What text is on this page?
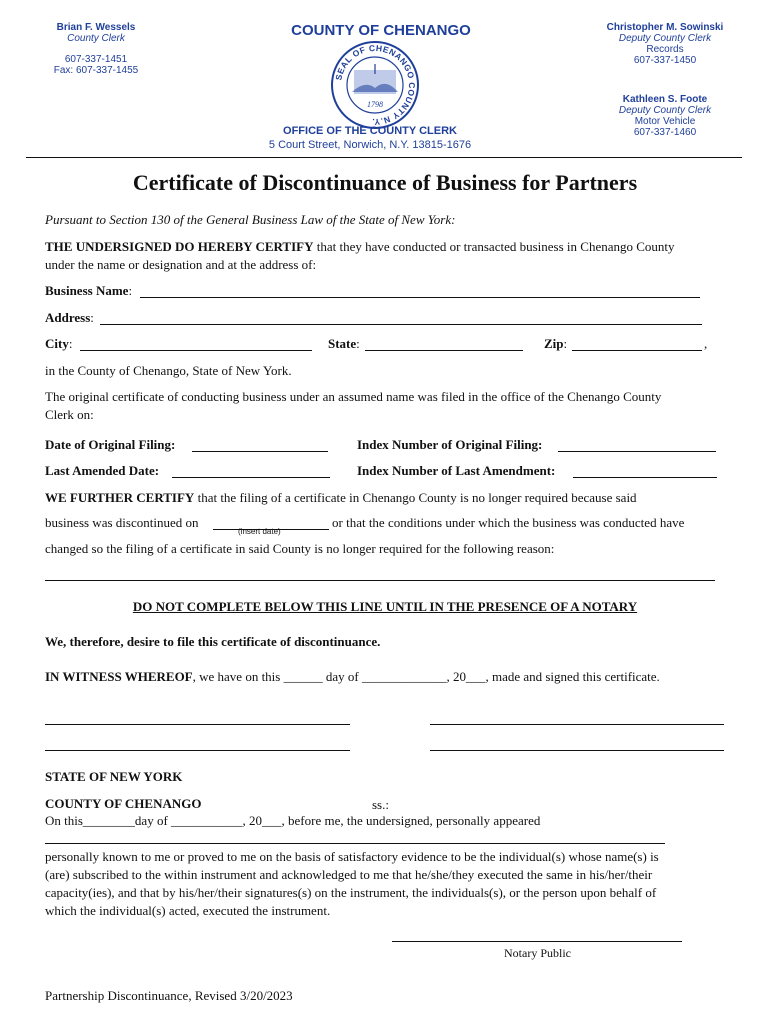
Brian F. Wessels
County Clerk
607-337-1451
Fax: 607-337-1455
COUNTY OF CHENANGO
SEAL OF CHENANGO COUNTY N.Y.
1798
OFFICE OF THE COUNTY CLERK
5 Court Street, Norwich, N.Y. 13815-1676
Christopher M. Sowinski
Deputy County Clerk
Records
607-337-1450
Kathleen S. Foote
Deputy County Clerk
Motor Vehicle
607-337-1460
Certificate of Discontinuance of Business for Partners
Pursuant to Section 130 of the General Business Law of the State of New York:
THE UNDERSIGNED DO HEREBY CERTIFY that they have conducted or transacted business in Chenango County
under the name or designation and at the address of:
Business Name:
Address:
City:	State:	Zip:	,
in the County of Chenango, State of New York.
The original certificate of conducting business under an assumed name was filed in the office of the Chenango County
Clerk on:
Date of Original Filing:	Index Number of Original Filing:
Last Amended Date:	Index Number of Last Amendment:
WE FURTHER CERTIFY that the filing of a certificate in Chenango County is no longer required because said
business was discontinued on
(insert date)
or that the conditions under which the business was conducted have
changed so the filing of a certificate in said County is no longer required for the following reason:
DO NOT COMPLETE BELOW THIS LINE UNTIL IN THE PRESENCE OF A NOTARY
We, therefore, desire to file this certificate of discontinuance.
IN WITNESS WHEREOF, we have on this ______ day of _____________, 20___, made and signed this certificate.
STATE OF NEW YORK
COUNTY OF CHENANGO	ss.:
On this________day of ___________, 20___, before me, the undersigned, personally appeared
personally known to me or proved to me on the basis of satisfactory evidence to be the individual(s) whose name(s) is
(are) subscribed to the within instrument and acknowledged to me that he/she/they executed the same in his/her/their
capacity(ies), and that by his/her/their signatures(s) on the instrument, the individuals(s), or the person upon behalf of
which the individual(s) acted, executed the instrument.
Notary Public
Partnership Discontinuance, Revised 3/20/2023
